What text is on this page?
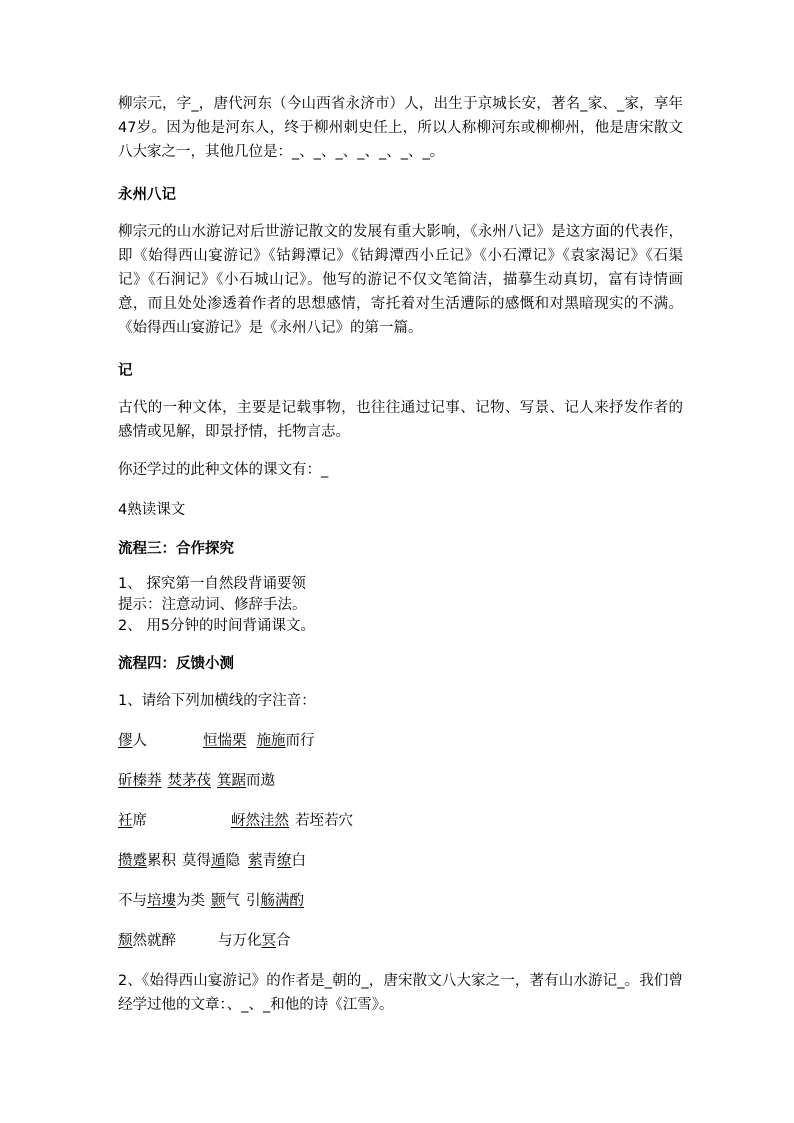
柳宗元，字_，唐代河东（今山西省永济市）人，出生于京城长安，著名_家、_家，享年47岁。因为他是河东人，终于柳州刺史任上，所以人称柳河东或柳柳州，他是唐宋散文八大家之一，其他几位是：_、_、_、_、_、_、_。

永州八记

柳宗元的山水游记对后世游记散文的发展有重大影响，《永州八记》是这方面的代表作，即《始得西山宴游记》《钴鉧潭记》《钴鉧潭西小丘记》《小石潭记》《袁家渴记》《石渠记》《石涧记》《小石城山记》。他写的游记不仅文笔简洁，描摹生动真切，富有诗情画意，而且处处渗透着作者的思想感情，寄托着对生活遭际的感慨和对黑暗现实的不满。《始得西山宴游记》是《永州八记》的第一篇。

记

古代的一种文体，主要是记载事物，也往往通过记事、记物、写景、记人来抒发作者的感情或见解，即景抒情，托物言志。

你还学过的此种文体的课文有：_

4熟读课文

流程三：合作探究

1、 探究第一自然段背诵要领

提示：注意动词、修辞手法。

2、 用5分钟的时间背诵课文。

流程四：反馈小测

1、请给下列加横线的字注音：

僇人	恒惴栗 施施而行

斫榛莽 焚茅茷 箕踞而遨

衽席	岈然洼然 若垤若穴

攒蹙累积 莫得遁隐 萦青缭白

不与培塿为类 颢气 引觞满酌

颓然就醉	与万化冥合

2、《始得西山宴游记》的作者是_朝的_，唐宋散文八大家之一，著有山水游记_。我们曾经学过他的文章：、_、_和他的诗《江雪》。
